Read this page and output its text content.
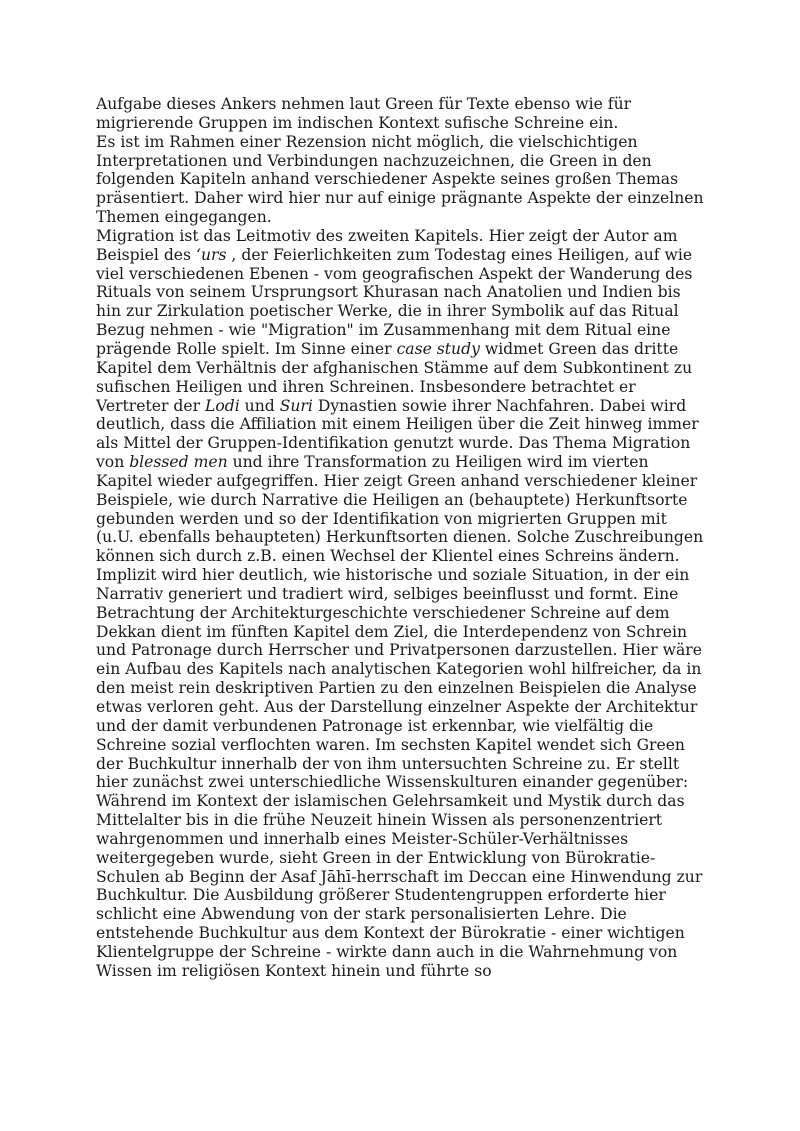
Aufgabe dieses Ankers nehmen laut Green für Texte ebenso wie für migrierende Gruppen im indischen Kontext sufische Schreine ein.

Es ist im Rahmen einer Rezension nicht möglich, die vielschichtigen Interpretationen und Verbindungen nachzuzeichnen, die Green in den folgenden Kapiteln anhand verschiedener Aspekte seines großen Themas präsentiert. Daher wird hier nur auf einige prägnante Aspekte der einzelnen Themen eingegangen.

Migration ist das Leitmotiv des zweiten Kapitels. Hier zeigt der Autor am Beispiel des ‘urs , der Feierlichkeiten zum Todestag eines Heiligen, auf wie viel verschiedenen Ebenen - vom geografischen Aspekt der Wanderung des Rituals von seinem Ursprungsort Khurasan nach Anatolien und Indien bis hin zur Zirkulation poetischer Werke, die in ihrer Symbolik auf das Ritual Bezug nehmen - wie "Migration" im Zusammenhang mit dem Ritual eine prägende Rolle spielt. Im Sinne einer case study widmet Green das dritte Kapitel dem Verhältnis der afghanischen Stämme auf dem Subkontinent zu sufischen Heiligen und ihren Schreinen. Insbesondere betrachtet er Vertreter der Lodi und Suri Dynastien sowie ihrer Nachfahren. Dabei wird deutlich, dass die Affiliation mit einem Heiligen über die Zeit hinweg immer als Mittel der Gruppen-Identifikation genutzt wurde. Das Thema Migration von blessed men und ihre Transformation zu Heiligen wird im vierten Kapitel wieder aufgegriffen. Hier zeigt Green anhand verschiedener kleiner Beispiele, wie durch Narrative die Heiligen an (behauptete) Herkunftsorte gebunden werden und so der Identifikation von migrierten Gruppen mit (u.U. ebenfalls behaupteten) Herkunftsorten dienen. Solche Zuschreibungen können sich durch z.B. einen Wechsel der Klientel eines Schreins ändern. Implizit wird hier deutlich, wie historische und soziale Situation, in der ein Narrativ generiert und tradiert wird, selbiges beeinflusst und formt. Eine Betrachtung der Architekturgeschichte verschiedener Schreine auf dem Dekkan dient im fünften Kapitel dem Ziel, die Interdependenz von Schrein und Patronage durch Herrscher und Privatpersonen darzustellen. Hier wäre ein Aufbau des Kapitels nach analytischen Kategorien wohl hilfreicher, da in den meist rein deskriptiven Partien zu den einzelnen Beispielen die Analyse etwas verloren geht. Aus der Darstellung einzelner Aspekte der Architektur und der damit verbundenen Patronage ist erkennbar, wie vielfältig die Schreine sozial verflochten waren. Im sechsten Kapitel wendet sich Green der Buchkultur innerhalb der von ihm untersuchten Schreine zu. Er stellt hier zunächst zwei unterschiedliche Wissenskulturen einander gegenüber: Während im Kontext der islamischen Gelehrsamkeit und Mystik durch das Mittelalter bis in die frühe Neuzeit hinein Wissen als personenzentriert wahrgenommen und innerhalb eines Meister-Schüler-Verhältnisses weitergegeben wurde, sieht Green in der Entwicklung von Bürokratie-Schulen ab Beginn der Asaf Jāhī-herrschaft im Deccan eine Hinwendung zur Buchkultur. Die Ausbildung größerer Studentengruppen erforderte hier schlicht eine Abwendung von der stark personalisierten Lehre. Die entstehende Buchkultur aus dem Kontext der Bürokratie - einer wichtigen Klientelgruppe der Schreine - wirkte dann auch in die Wahrnehmung von Wissen im religiösen Kontext hinein und führte so
